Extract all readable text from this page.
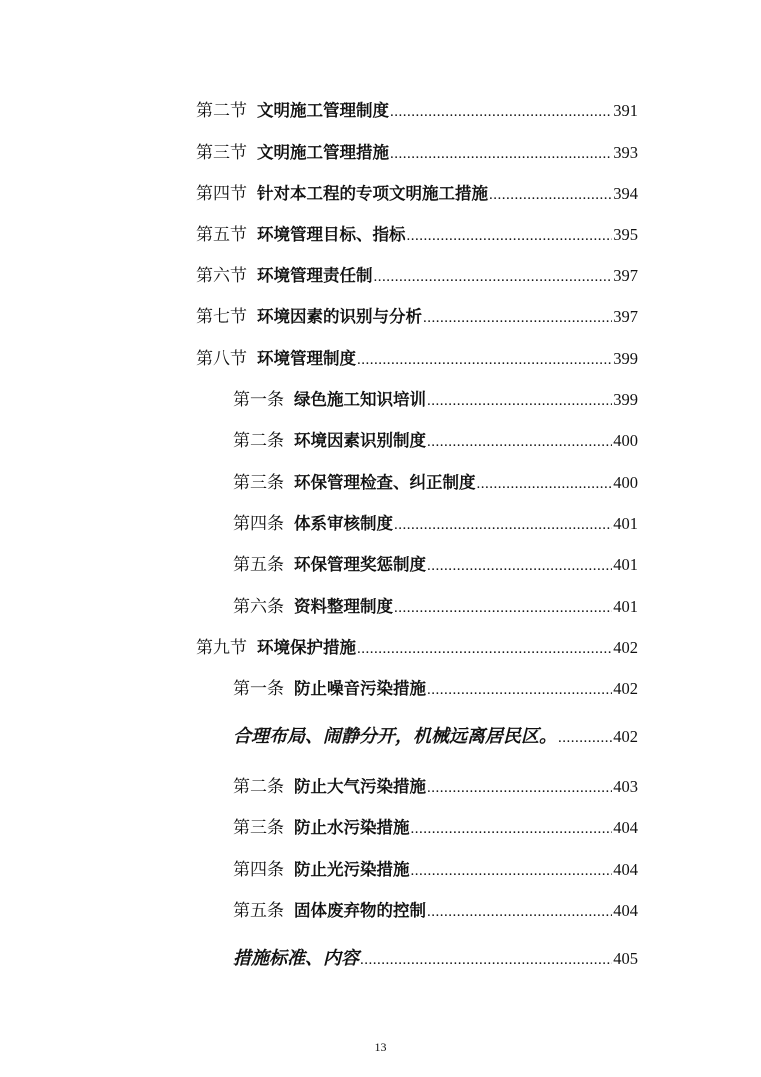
第二节 文明施工管理制度 .....	391
第三节 文明施工管理措施 .....	393
第四节 针对本工程的专项文明施工措施 .....	394
第五节 环境管理目标、指标 .....	395
第六节 环境管理责任制 .....	397
第七节 环境因素的识别与分析 .....	397
第八节 环境管理制度 .....	399
第一条 绿色施工知识培训 .....	399
第二条 环境因素识别制度 .....	400
第三条 环保管理检查、纠正制度 .....	400
第四条 体系审核制度 .....	401
第五条 环保管理奖惩制度 .....	401
第六条 资料整理制度 .....	401
第九节 环境保护措施 .....	402
第一条 防止噪音污染措施 .....	402
合理布局、闹静分开，机械远离居民区。 .....	402
第二条 防止大气污染措施 .....	403
第三条 防止水污染措施 .....	404
第四条 防止光污染措施 .....	404
第五条 固体废弃物的控制 .....	404
措施标准、内容 .....	405
13
